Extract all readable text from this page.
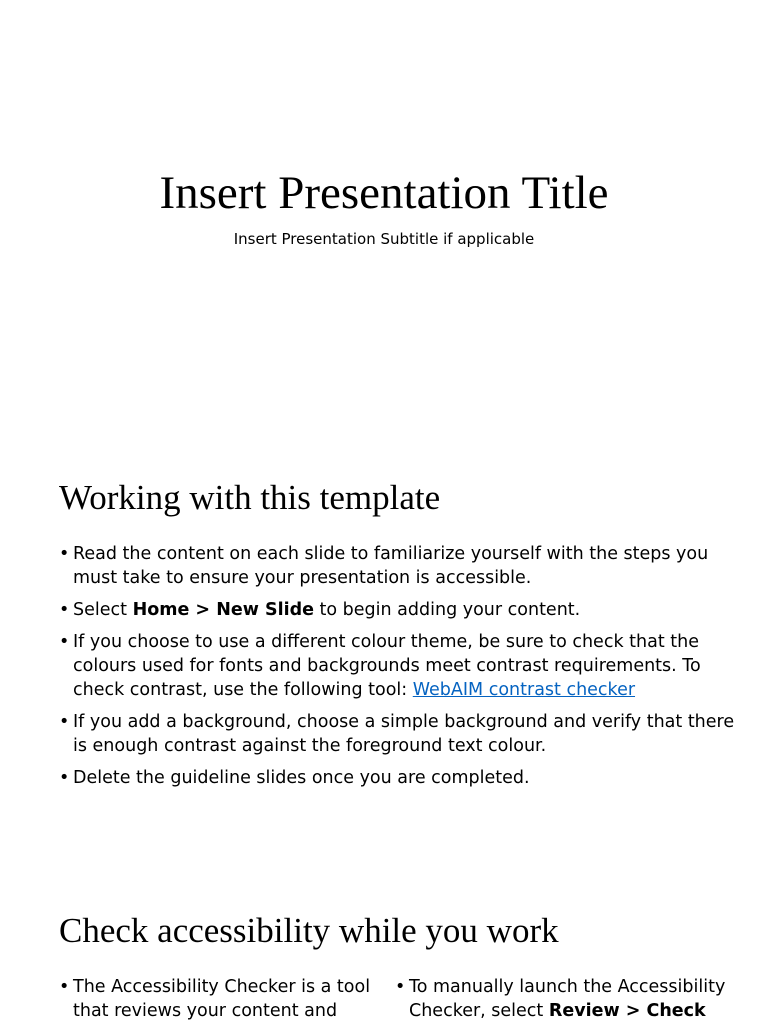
Insert Presentation Title

Insert Presentation Subtitle if applicable

Working with this template
• Read the content on each slide to familiarize yourself with the steps you must take to ensure your presentation is accessible.
• Select Home > New Slide to begin adding your content.
• If you choose to use a different colour theme, be sure to check that the colours used for fonts and backgrounds meet contrast requirements. To check contrast, use the following tool: WebAIM contrast checker
• If you add a background, choose a simple background and verify that there is enough contrast against the foreground text colour.
• Delete the guideline slides once you are completed.
Check accessibility while you work
• The Accessibility Checker is a tool that reviews your content and
• To manually launch the Accessibility Checker, select Review > Check
